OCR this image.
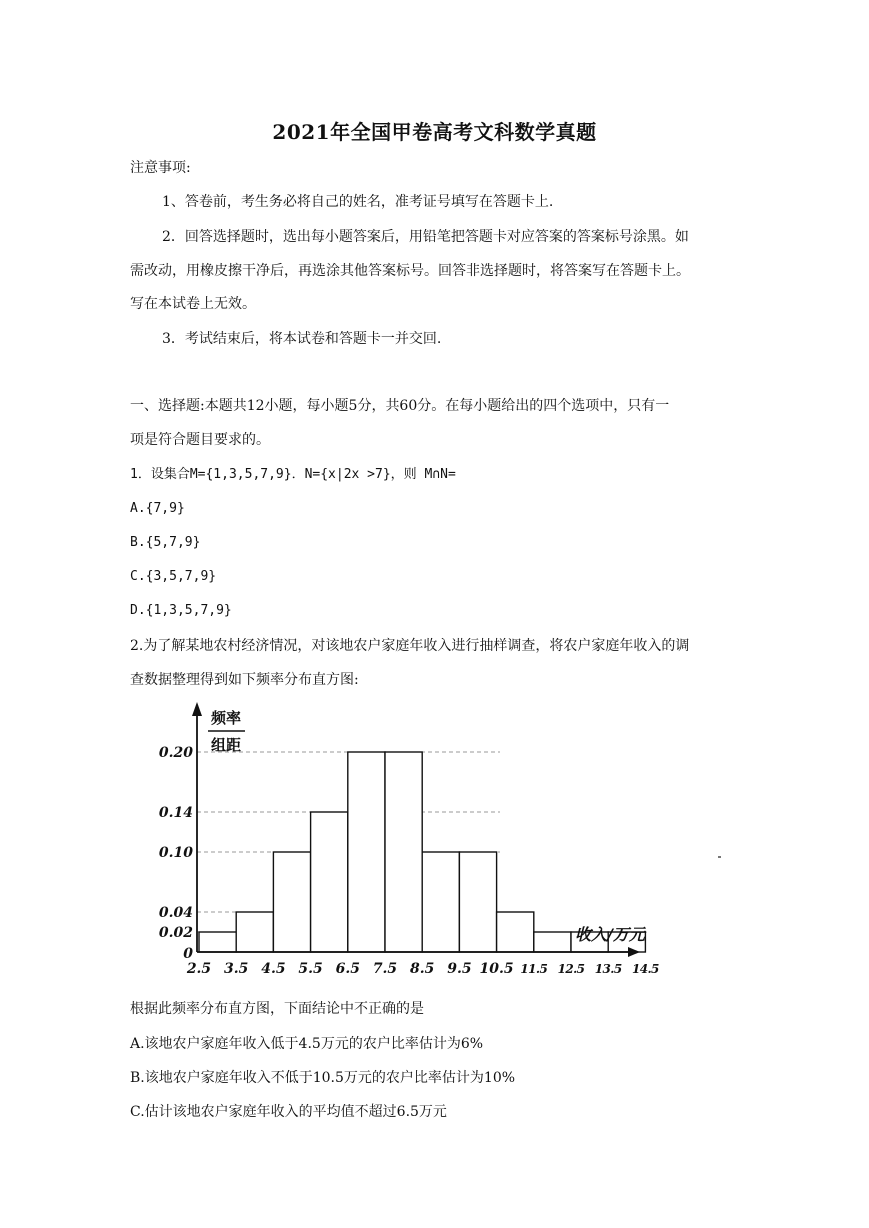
2021年全国甲卷高考文科数学真题
注意事项:
1、答卷前，考生务必将自己的姓名，准考证号填写在答题卡上.
2．回答选择题时，选出每小题答案后，用铅笔把答题卡对应答案的答案标号涂黑。如
需改动，用橡皮擦干净后，再选涂其他答案标号。回答非选择题时，将答案写在答题卡上。
写在本试卷上无效。
3．考试结束后，将本试卷和答题卡一并交回.
一、选择题:本题共12小题，每小题5分，共60分。在每小题给出的四个选项中，只有一
项是符合题目要求的。
1．设集合M={1,3,5,7,9}．N={x|2x >7}，则 M∩N=
A.{7,9}
B.{5,7,9}
C.{3,5,7,9}
D.{1,3,5,7,9}
2.为了解某地农村经济情况，对该地农户家庭年收入进行抽样调查，将农户家庭年收入的调
查数据整理得到如下频率分布直方图:
0.20
0.14
0.10
0.04
0.02
0
2.5 3.5 4.5 5.5 6.5 7.5 8.5 9.5 10.5 11.5 12.5 13.5 14.5
频率
组距
收入/万元
根据此频率分布直方图，下面结论中不正确的是
A.该地农户家庭年收入低于4.5万元的农户比率估计为6%
B.该地农户家庭年收入不低于10.5万元的农户比率估计为10%
C.估计该地农户家庭年收入的平均值不超过6.5万元
